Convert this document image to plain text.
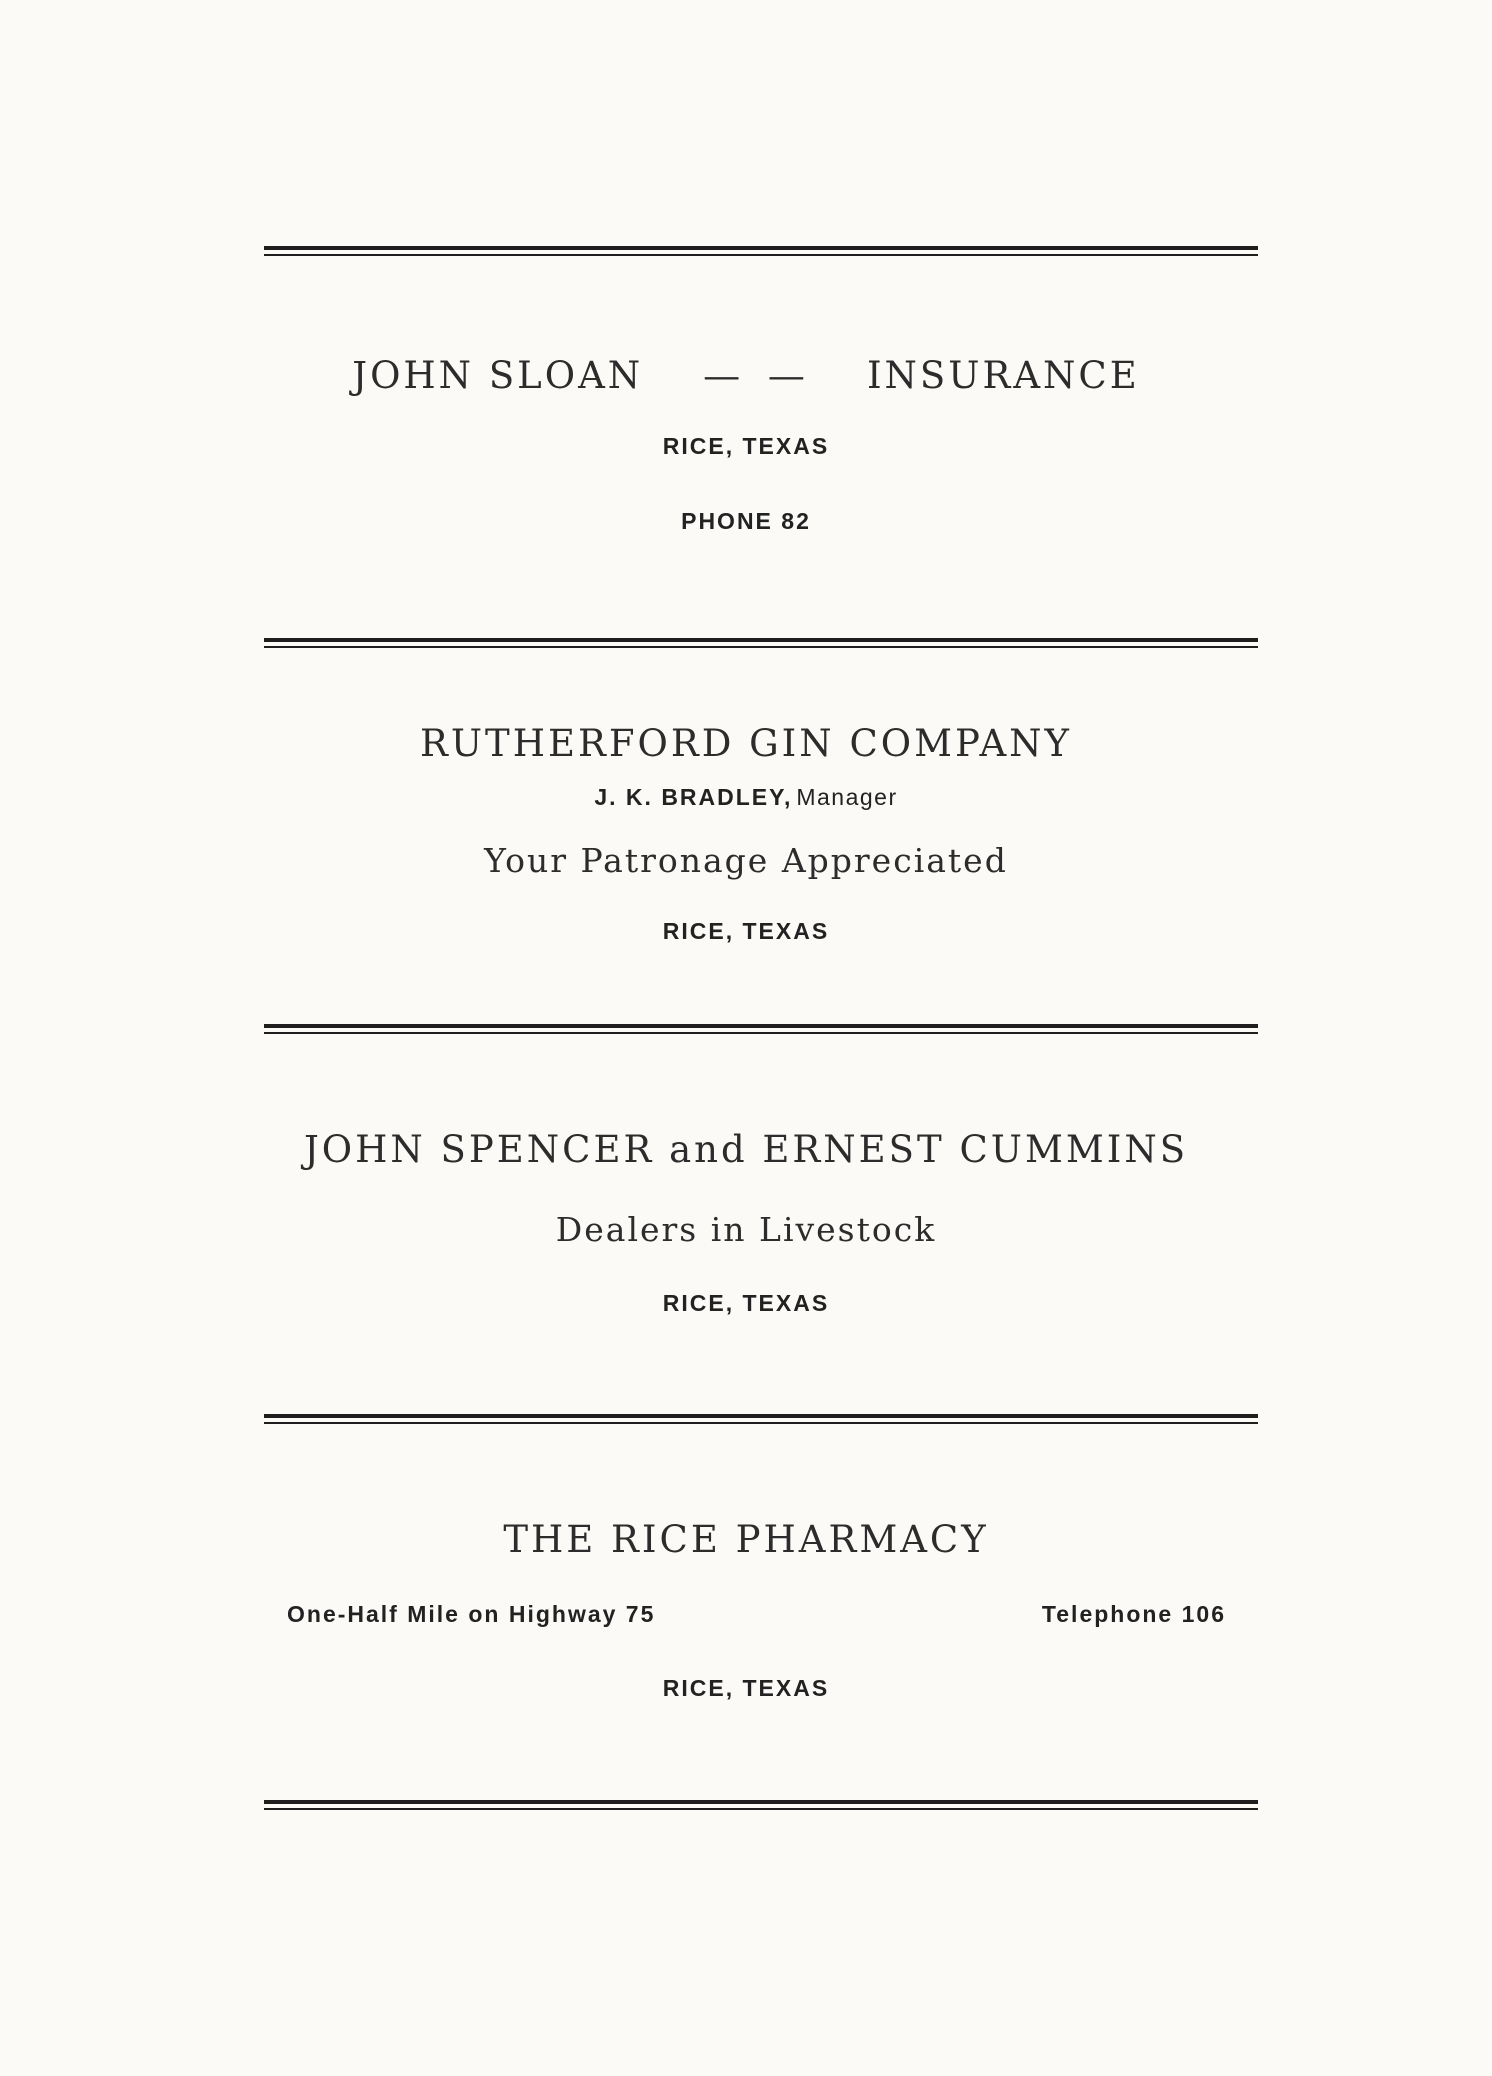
JOHN SLOAN — — INSURANCE
RICE, TEXAS
PHONE 82
RUTHERFORD GIN COMPANY
J. K. BRADLEY, Manager
Your Patronage Appreciated
RICE, TEXAS
JOHN SPENCER and ERNEST CUMMINS
Dealers in Livestock
RICE, TEXAS
THE RICE PHARMACY
One-Half Mile on Highway 75	Telephone 106
RICE, TEXAS
